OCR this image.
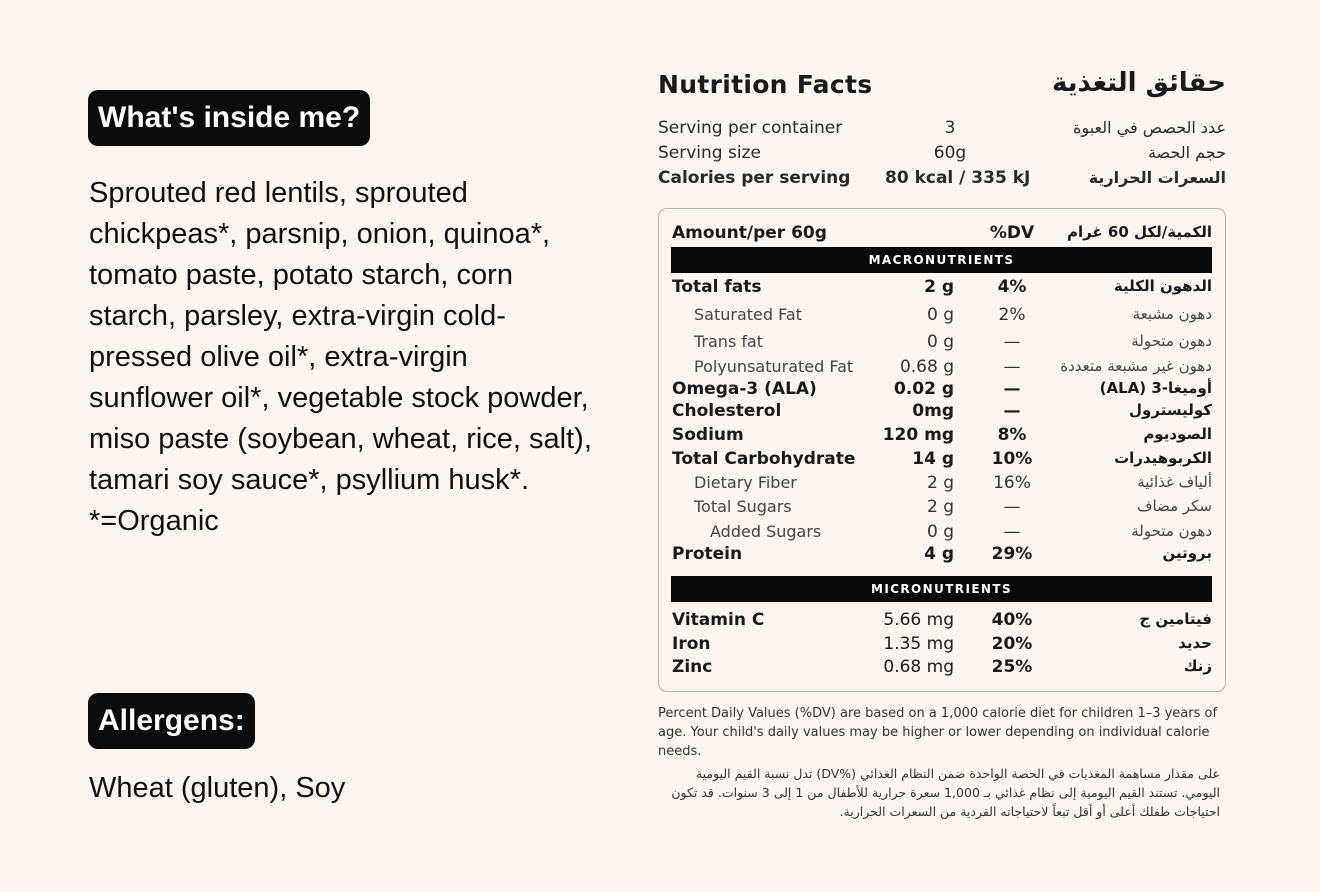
What's inside me?
Sprouted red lentils, sprouted
chickpeas*, parsnip, onion, quinoa*,
tomato paste, potato starch, corn
starch, parsley, extra-virgin cold-
pressed olive oil*, extra-virgin
sunflower oil*, vegetable stock powder,
miso paste (soybean, wheat, rice, salt),
tamari soy sauce*, psyllium husk*.
*=Organic
Allergens:
Wheat (gluten), Soy
Nutrition Facts	حقائق التغذية
Serving per container	3	عدد الحصص في العبوة
Serving size	60g	حجم الحصة
Calories per serving 80 kcal / 335 kJ	السعرات الحرارية
Amount/per 60g	%DV	الكمية/لكل 60 غرام
MACRONUTRIENTS
Total fats	2 g	4%	الدهون الكلية
Saturated Fat	0 g	2%	دهون مشبعة
Trans fat	0 g	—	دهون متحولة
Polyunsaturated Fat	0.68 g	—	دهون غير مشبعة متعددة
Omega-3 (ALA)	0.02 g	—	أوميغا-3 (ALA)
Cholesterol	0mg	—	كوليسترول
Sodium	120 mg	8%	الصوديوم
Total Carbohydrate	14 g	10%	الكربوهيدرات
Dietary Fiber	2 g	16%	ألياف غذائية
Total Sugars	2 g	—	سكر مضاف
Added Sugars	0 g	—	دهون متحولة
Protein	4 g	29%	بروتين
MICRONUTRIENTS
Vitamin C	5.66 mg	40%	فيتامين ج
Iron	1.35 mg	20%	حديد
Zinc	0.68 mg	25%	زنك
Percent Daily Values (%DV) are based on a 1,000 calorie diet for children 1–3 years of age. Your child's daily values may be higher or lower depending on individual calorie needs.
على مقدار مساهمة المغذيات في الحصة الواحدة ضمن النظام الغذائي (%DV) تدل نسبة القيم اليومية اليومي. تستند القيم اليومية إلى نظام غذائي بـ 1,000 سعرة حرارية للأطفال من 1 إلى 3 سنوات. قد تكون احتياجات طفلك أعلى أو أقل تبعاً لاحتياجاته الفردية من السعرات الحرارية.
